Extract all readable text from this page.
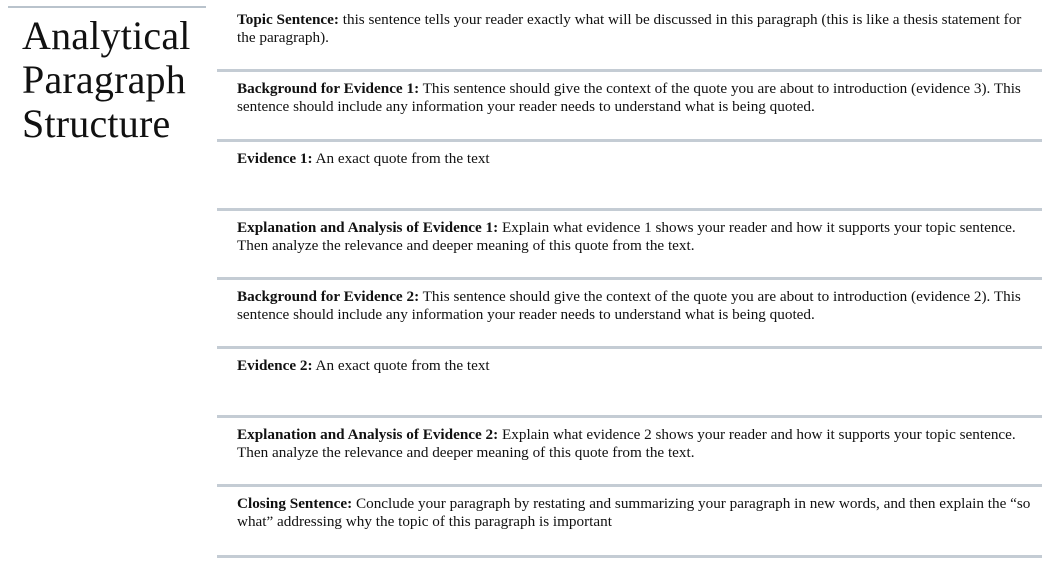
Analytical
Paragraph
Structure
Topic Sentence: this sentence tells your reader exactly what will be discussed in this paragraph (this is like a thesis statement for the paragraph).
Background for Evidence 1: This sentence should give the context of the quote you are about to introduction (evidence 3). This sentence should include any information your reader needs to understand what is being quoted.
Evidence 1: An exact quote from the text
Explanation and Analysis of Evidence 1: Explain what evidence 1 shows your reader and how it supports your topic sentence. Then analyze the relevance and deeper meaning of this quote from the text.
Background for Evidence 2: This sentence should give the context of the quote you are about to introduction (evidence 2). This sentence should include any information your reader needs to understand what is being quoted.
Evidence 2: An exact quote from the text
Explanation and Analysis of Evidence 2: Explain what evidence 2 shows your reader and how it supports your topic sentence. Then analyze the relevance and deeper meaning of this quote from the text.
Closing Sentence: Conclude your paragraph by restating and summarizing your paragraph in new words, and then explain the “so what” addressing why the topic of this paragraph is important
